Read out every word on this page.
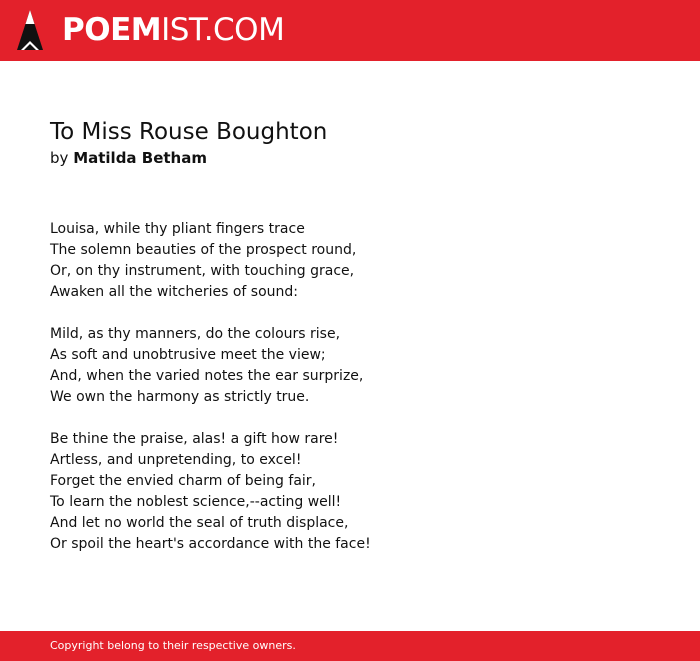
POEMIST.COM
To Miss Rouse Boughton
by Matilda Betham
Louisa, while thy pliant fingers trace
The solemn beauties of the prospect round,
Or, on thy instrument, with touching grace,
Awaken all the witcheries of sound:
Mild, as thy manners, do the colours rise,
As soft and unobtrusive meet the view;
And, when the varied notes the ear surprize,
We own the harmony as strictly true.
Be thine the praise, alas! a gift how rare!
Artless, and unpretending, to excel!
Forget the envied charm of being fair,
To learn the noblest science,--acting well!
And let no world the seal of truth displace,
Or spoil the heart's accordance with the face!
Copyright belong to their respective owners.
